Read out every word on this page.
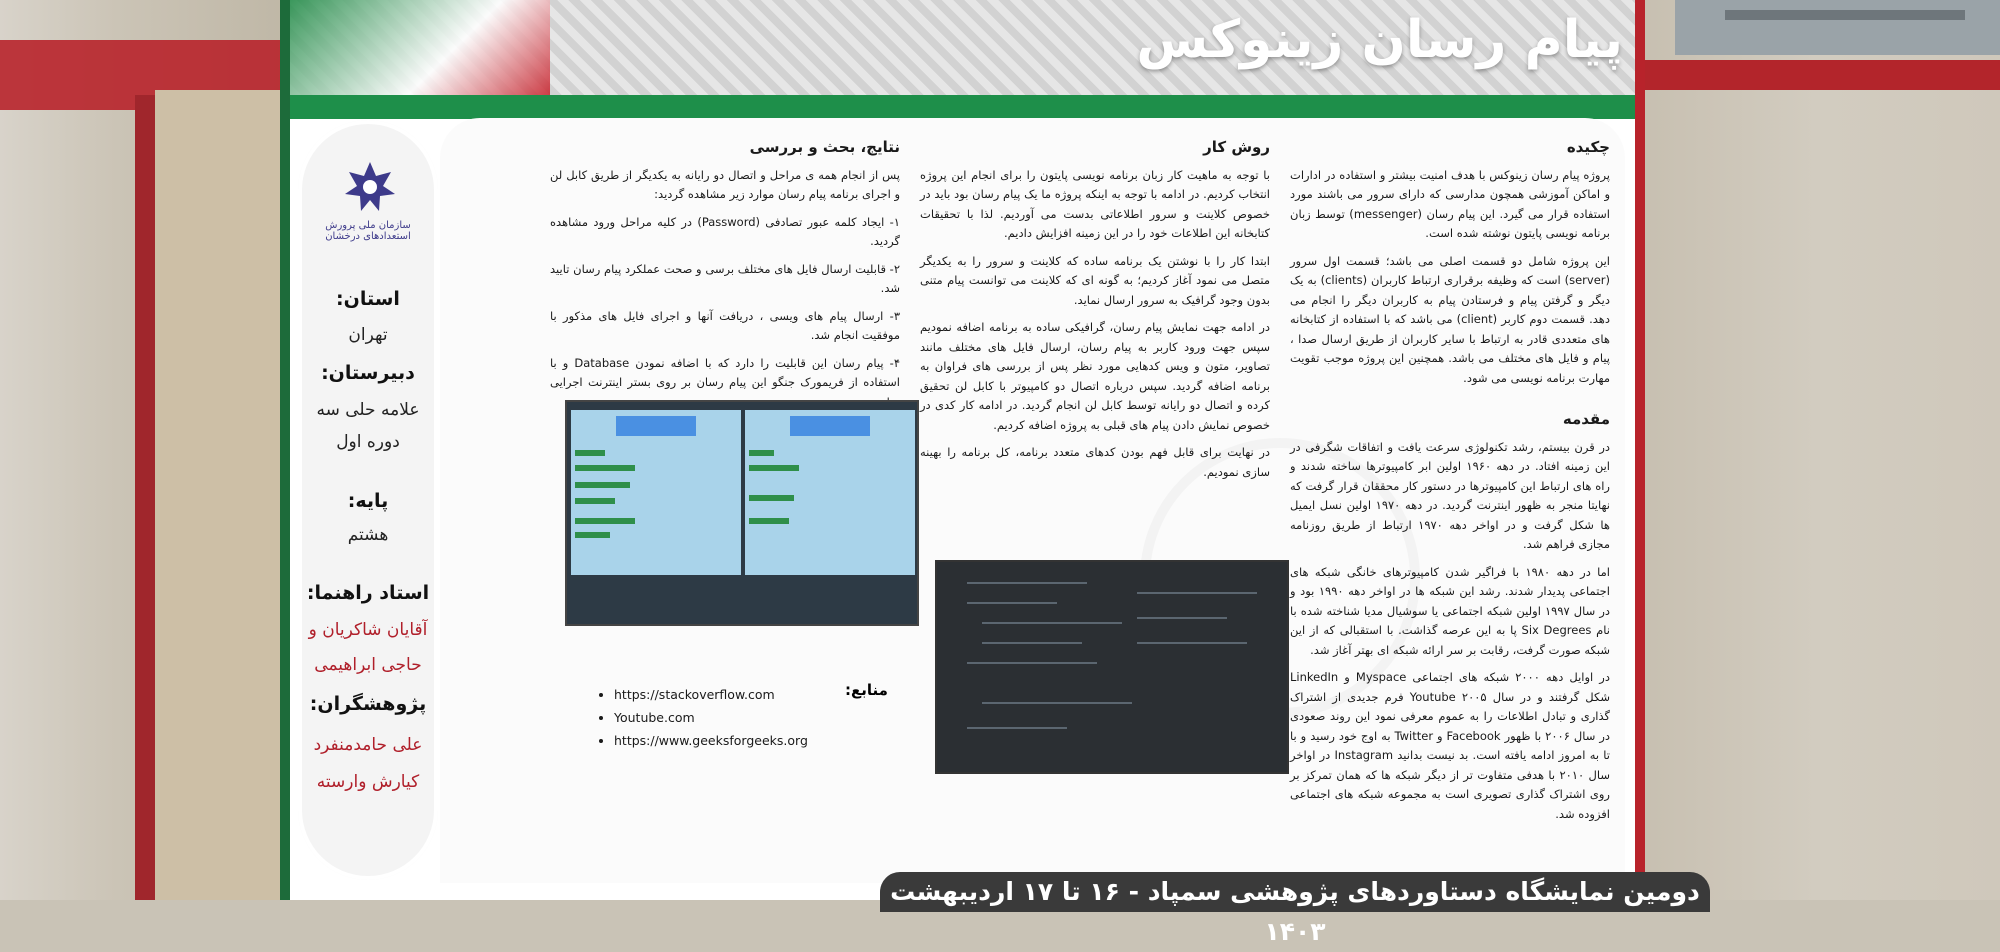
پیام رسان زینوکس
سازمان ملی پرورش استعدادهای درخشان
استان:
تهران
دبیرستان:
علامه حلی سه
دوره اول
پایه:
هشتم
استاد راهنما:
آقایان شاکریان و
حاجی ابراهیمی
پژوهشگران:
علی حامدمنفرد
کیارش وارسته
چکیده

پروژه پیام رسان زینوکس با هدف امنیت بیشتر و استفاده در ادارات و اماکن آموزشی همچون مدارسی که دارای سرور می باشند مورد استفاده قرار می گیرد. این پیام رسان (messenger) توسط زبان برنامه نویسی پایتون نوشته شده است.

این پروژه شامل دو قسمت اصلی می باشد؛ قسمت اول سرور (server) است که وظیفه برقراری ارتباط کاربران (clients) به یک دیگر و گرفتن پیام و فرستادن پیام به کاربران دیگر را انجام می دهد. قسمت دوم کاربر (client) می باشد که با استفاده از کتابخانه های متعددی قادر به ارتباط با سایر کاربران از طریق ارسال صدا ، پیام و فایل های مختلف می باشد. همچنین این پروژه موجب تقویت مهارت برنامه نویسی می شود.

مقدمه

در قرن بیستم، رشد تکنولوژی سرعت یافت و اتفاقات شگرفی در این زمینه افتاد. در دهه ۱۹۶۰ اولین ابر کامپیوترها ساخته شدند و راه های ارتباط این کامپیوترها در دستور کار محققان قرار گرفت که نهایتا منجر به ظهور اینترنت گردید. در دهه ۱۹۷۰ اولین نسل ایمیل ها شکل گرفت و در اواخر دهه ۱۹۷۰ ارتباط از طریق روزنامه مجازی فراهم شد.

اما در دهه ۱۹۸۰ با فراگیر شدن کامپیوترهای خانگی شبکه های اجتماعی پدیدار شدند. رشد این شبکه ها در اواخر دهه ۱۹۹۰ بود و در سال ۱۹۹۷ اولین شبکه اجتماعی یا سوشیال مدیا شناخته شده با نام Six Degrees پا به این عرصه گذاشت. با استقبالی که از این شبکه صورت گرفت، رقابت بر سر ارائه شبکه ای بهتر آغاز شد.

در اوایل دهه ۲۰۰۰ شبکه های اجتماعی Myspace و LinkedIn شکل گرفتند و در سال ۲۰۰۵ Youtube فرم جدیدی از اشتراک گذاری و تبادل اطلاعات را به عموم معرفی نمود این روند صعودی در سال ۲۰۰۶ با ظهور Facebook و Twitter به اوج خود رسید و با تا به امروز ادامه یافته است. بد نیست بدانید Instagram در اواخر سال ۲۰۱۰ با هدفی متفاوت تر از دیگر شبکه ها که همان تمرکز بر روی اشتراک گذاری تصویری است به مجموعه شبکه های اجتماعی افزوده شد.

روش کار

با توجه به ماهیت کار زبان برنامه نویسی پایتون را برای انجام این پروژه انتخاب کردیم. در ادامه با توجه به اینکه پروژه ما یک پیام رسان بود باید در خصوص کلاینت و سرور اطلاعاتی بدست می آوردیم. لذا با تحقیقات کتابخانه این اطلاعات خود را در این زمینه افزایش دادیم.

ابتدا کار را با نوشتن یک برنامه ساده که کلاینت و سرور را به یکدیگر متصل می نمود آغاز کردیم؛ به گونه ای که کلاینت می توانست پیام متنی بدون وجود گرافیک به سرور ارسال نماید.

در ادامه جهت نمایش پیام رسان، گرافیکی ساده به برنامه اضافه نمودیم سپس جهت ورود کاربر به پیام رسان، ارسال فایل های مختلف مانند تصاویر، متون و ویس کدهایی مورد نظر پس از بررسی های فراوان به برنامه اضافه گردید. سپس درباره اتصال دو کامپیوتر با کابل لن تحقیق کرده و اتصال دو رایانه توسط کابل لن انجام گردید. در ادامه کار کدی در خصوص نمایش دادن پیام های قبلی به پروژه اضافه کردیم.

در نهایت برای قابل فهم بودن کدهای متعدد برنامه، کل برنامه را بهینه سازی نمودیم.

نتایج، بحث و بررسی

پس از انجام همه ی مراحل و اتصال دو رایانه به یکدیگر از طریق کابل لن و اجرای برنامه پیام رسان موارد زیر مشاهده گردید:

۱- ایجاد کلمه عبور تصادفی (Password) در کلیه مراحل ورود مشاهده گردید.

۲- قابلیت ارسال فایل های مختلف برسی و صحت عملکرد پیام رسان تایید شد.

۳- ارسال پیام های ویسی ، دریافت آنها و اجرای فایل های مذکور با موفقیت انجام شد.

۴- پیام رسان این قابلیت را دارد که با اضافه نمودن Database و با استفاده از فریمورک جنگو این پیام رسان بر روی بستر اینترنت اجرایی

منابع:
• https://stackoverflow.com
• Youtube.com
• https://www.geeksforgeeks.org
دومین نمایشگاه دستاوردهای پژوهشی سمپاد - ۱۶ تا ۱۷ اردیبهشت ۱۴۰۳
